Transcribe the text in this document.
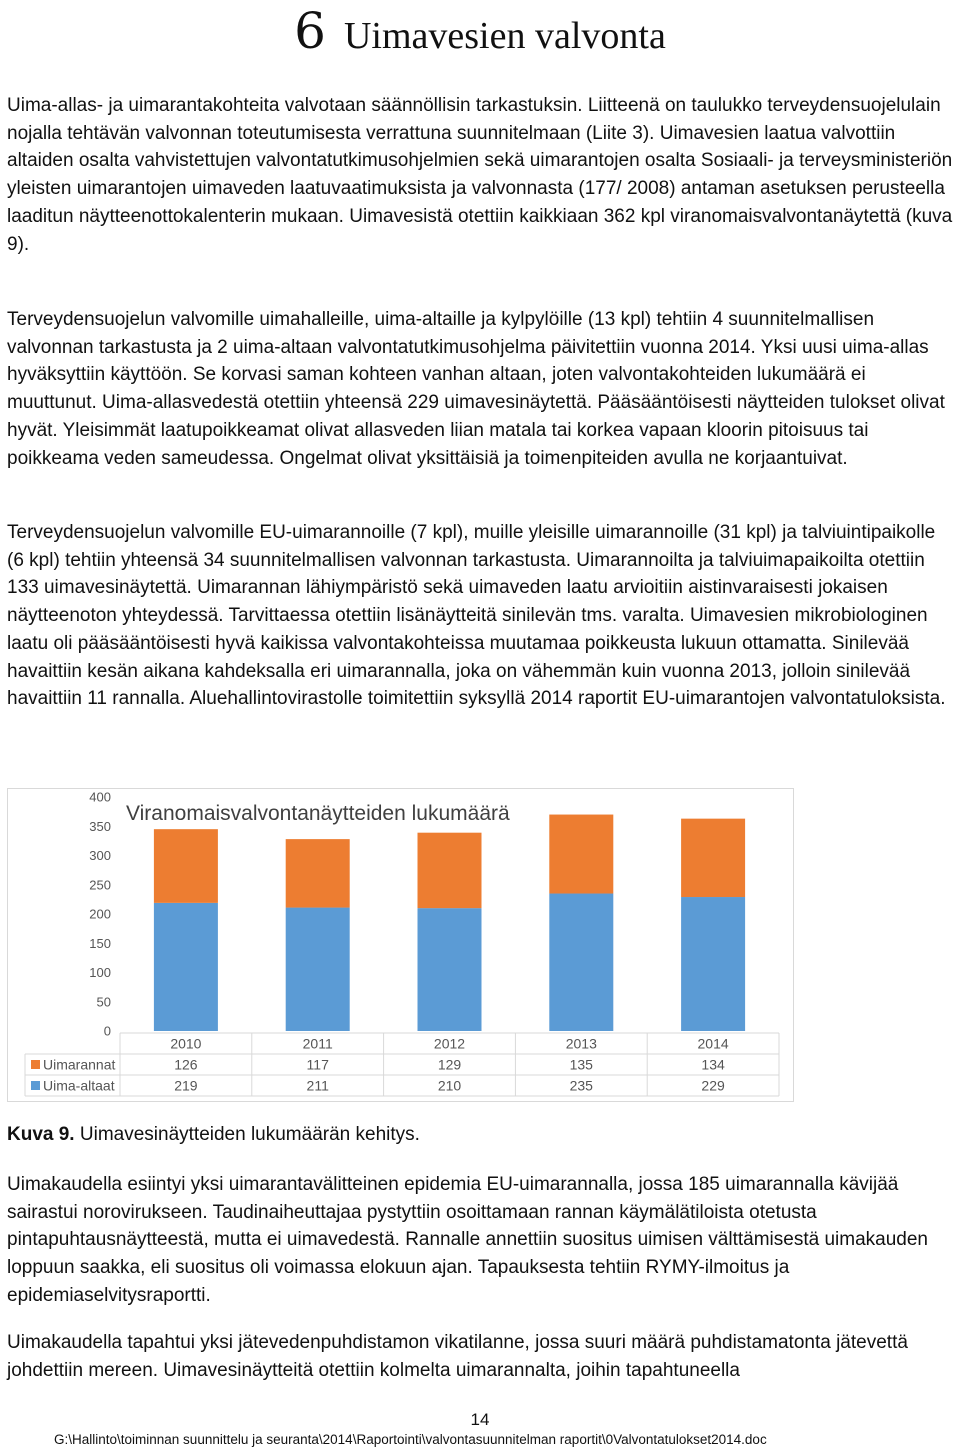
6 Uimavesien valvonta

Uima-allas- ja uimarantakohteita valvotaan säännöllisin tarkastuksin. Liitteenä on taulukko terveydensuojelulain nojalla tehtävän valvonnan toteutumisesta verrattuna suunnitelmaan (Liite 3). Uimavesien laatua valvottiin altaiden osalta vahvistettujen valvontatutkimusohjelmien sekä uimarantojen osalta Sosiaali- ja terveysministeriön yleisten uimarantojen uimaveden laatuvaatimuksista ja valvonnasta (177/ 2008) antaman asetuksen perusteella laaditun näytteenottokalenterin mukaan. Uimavesistä otettiin kaikkiaan 362 kpl viranomaisvalvontanäytettä (kuva 9).

Terveydensuojelun valvomille uimahalleille, uima-altaille ja kylpylöille (13 kpl) tehtiin 4 suunnitelmallisen valvonnan tarkastusta ja 2 uima-altaan valvontatutkimusohjelma päivitettiin vuonna 2014. Yksi uusi uima-allas hyväksyttiin käyttöön. Se korvasi saman kohteen vanhan altaan, joten valvontakohteiden lukumäärä ei muuttunut. Uima-allasvedestä otettiin yhteensä 229 uimavesinäytettä. Pääsääntöisesti näytteiden tulokset olivat hyvät. Yleisimmät laatupoikkeamat olivat allasveden liian matala tai korkea vapaan kloorin pitoisuus tai poikkeama veden sameudessa. Ongelmat olivat yksittäisiä ja toimenpiteiden avulla ne korjaantuivat.

Terveydensuojelun valvomille EU-uimarannoille (7 kpl), muille yleisille uimarannoille (31 kpl) ja talviuintipaikolle (6 kpl) tehtiin yhteensä 34 suunnitelmallisen valvonnan tarkastusta. Uimarannoilta ja talviuimapaikoilta otettiin 133 uimavesinäytettä. Uimarannan lähiympäristö sekä uimaveden laatu arvioitiin aistinvaraisesti jokaisen näytteenoton yhteydessä. Tarvittaessa otettiin lisänäytteitä sinilevän tms. varalta. Uimavesien mikrobiologinen laatu oli pääsääntöisesti hyvä kaikissa valvontakohteissa muutamaa poikkeusta lukuun ottamatta. Sinilevää havaittiin kesän aikana kahdeksalla eri uimarannalla, joka on vähemmän kuin vuonna 2013, jolloin sinilevää havaittiin 11 rannalla. Aluehallintovirastolle toimitettiin syksyllä 2014 raportit EU-uimarantojen valvontatuloksista.

0
50
100
150
200
250
300
350
400
Viranomaisvalvontanäytteiden lukumäärä
2010
126
219
2011
117
211
2012
129
210
2013
135
235
2014
134
229
Uimarannat
Uima-altaat

Kuva 9. Uimavesinäytteiden lukumäärän kehitys.

Uimakaudella esiintyi yksi uimarantavälitteinen epidemia EU-uimarannalla, jossa 185 uimarannalla kävijää sairastui norovirukseen. Taudinaiheuttajaa pystyttiin osoittamaan rannan käymälätiloista otetusta pintapuhtausnäytteestä, mutta ei uimavedestä. Rannalle annettiin suositus uimisen välttämisestä uimakauden loppuun saakka, eli suositus oli voimassa elokuun ajan. Tapauksesta tehtiin RYMY-ilmoitus ja epidemiaselvitysraportti.

Uimakaudella tapahtui yksi jätevedenpuhdistamon vikatilanne, jossa suuri määrä puhdistamatonta jätevettä johdettiin mereen. Uimavesinäytteitä otettiin kolmelta uimarannalta, joihin tapahtuneella

14
G:\Hallinto\toiminnan suunnittelu ja seuranta\2014\Raportointi\valvontasuunnitelman raportit\0Valvontatulokset2014.doc
